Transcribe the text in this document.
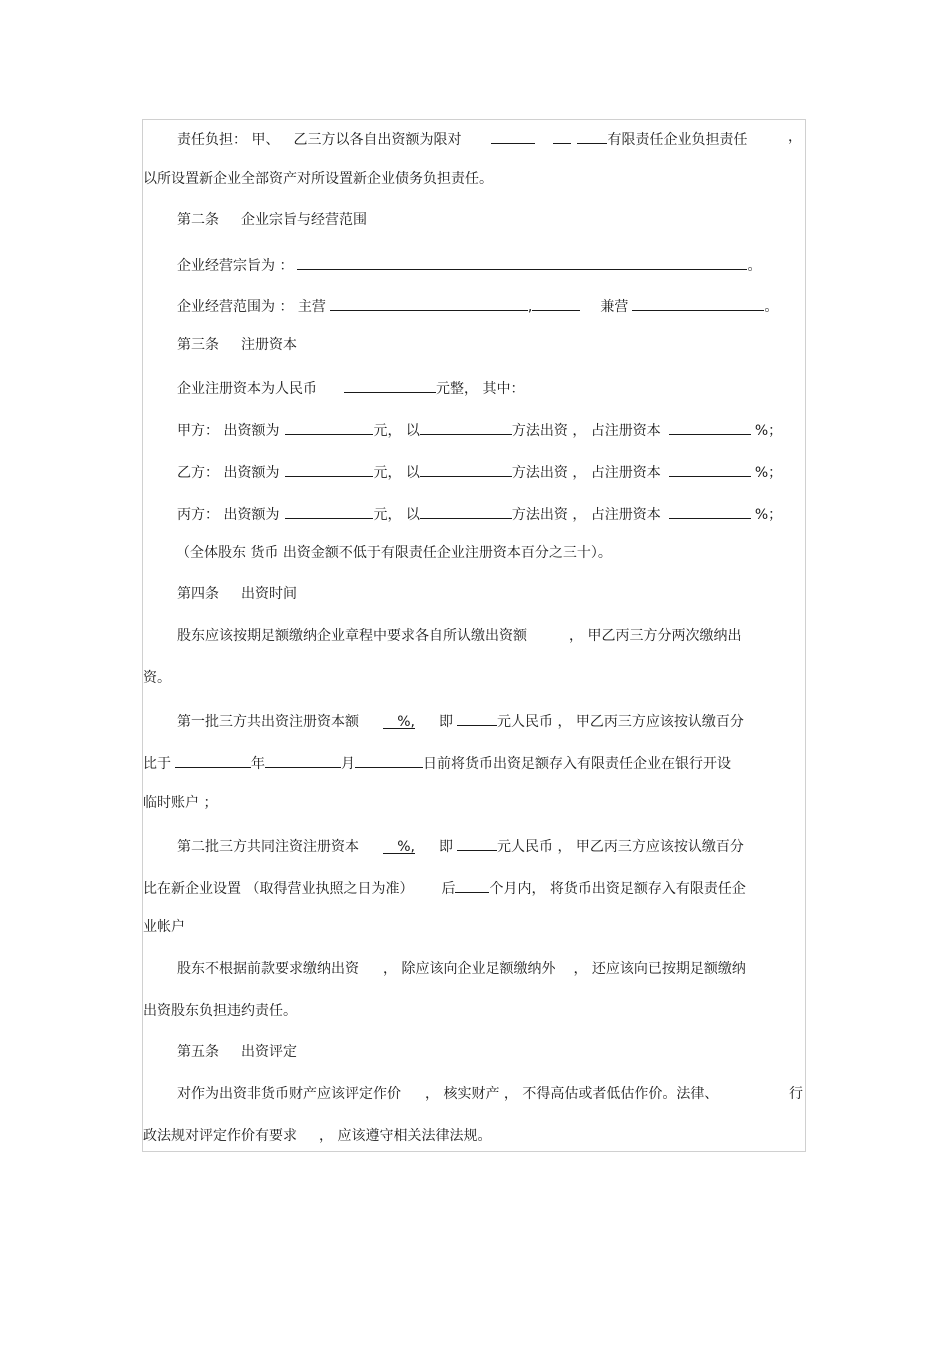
责任负担： 甲、 乙三方以各自出资额为限对	有限责任企业负担责任	，
以所设置新企业全部资产对所设置新企业债务负担责任。
第二条 企业宗旨与经营范围
企业经营宗旨为 ：	。
企业经营范围为 ： 主营	,	兼营	。
第三条 注册资本
企业注册资本为人民币	元整， 其中：
甲方： 出资额为	元， 以	方法出资 ， 占注册资本	%；
乙方： 出资额为	元， 以	方法出资 ， 占注册资本	%；
丙方： 出资额为	元， 以	方法出资 ， 占注册资本	%；
（全体股东 货币 出资金额不低于有限责任企业注册资本百分之三十）。
第四条 出资时间
股东应该按期足额缴纳企业章程中要求各自所认缴出资额	， 甲乙丙三方分两次缴纳出
资。
第一批三方共出资注册资本额	%, 即	元人民币 ， 甲乙丙三方应该按认缴百分
比于	年	月	日前将货币出资足额存入有限责任企业在银行开设
临时账户 ；
第二批三方共同注资注册资本	%, 即	元人民币 ， 甲乙丙三方应该按认缴百分
比在新企业设置 （取得营业执照之日为准） 后 个月内， 将货币出资足额存入有限责任企
业帐户
股东不根据前款要求缴纳出资 ， 除应该向企业足额缴纳外 ， 还应该向已按期足额缴纳
出资股东负担违约责任。
第五条 出资评定
对作为出资非货币财产应该评定作价 ， 核实财产 ， 不得高估或者低估作价。法律、	行
政法规对评定作价有要求 ， 应该遵守相关法律法规。
